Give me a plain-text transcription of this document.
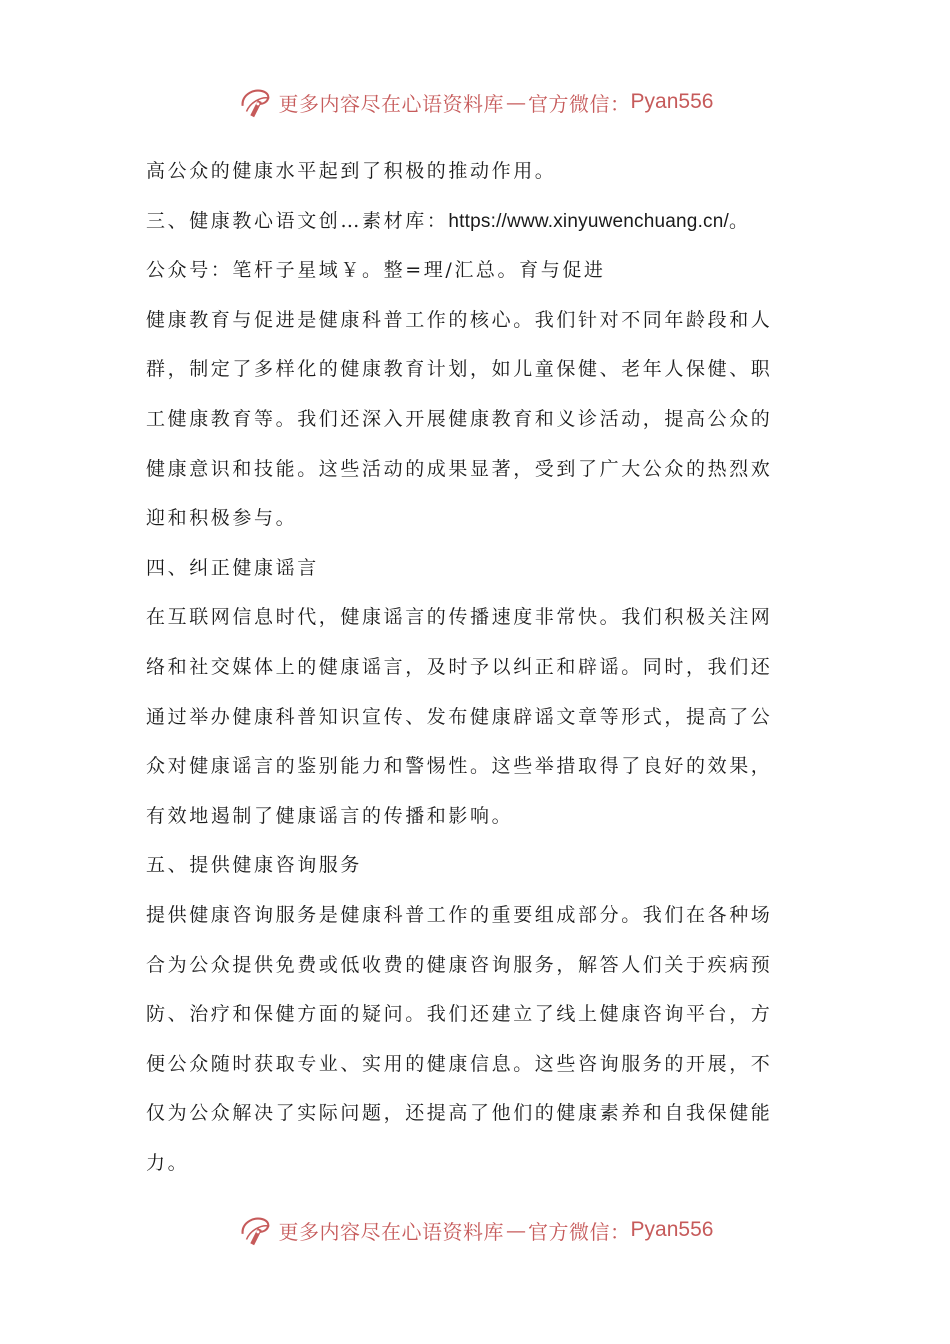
更多内容尽在心语资料库 — 官方微信： Pyan556

高公众的健康水平起到了积极的推动作用。

三、健康教心语文创…素材库：https://www.xinyuwenchuang.cn/。

公众号：笔杆子星域￥。整=理/汇总。育与促进

健康教育与促进是健康科普工作的核心。我们针对不同年龄段和人

群，制定了多样化的健康教育计划，如儿童保健、老年人保健、职

工健康教育等。我们还深入开展健康教育和义诊活动，提高公众的

健康意识和技能。这些活动的成果显著，受到了广大公众的热烈欢

迎和积极参与。

四、纠正健康谣言

在互联网信息时代，健康谣言的传播速度非常快。我们积极关注网

络和社交媒体上的健康谣言，及时予以纠正和辟谣。同时，我们还

通过举办健康科普知识宣传、发布健康辟谣文章等形式，提高了公

众对健康谣言的鉴别能力和警惕性。这些举措取得了良好的效果，

有效地遏制了健康谣言的传播和影响。

五、提供健康咨询服务

提供健康咨询服务是健康科普工作的重要组成部分。我们在各种场

合为公众提供免费或低收费的健康咨询服务，解答人们关于疾病预

防、治疗和保健方面的疑问。我们还建立了线上健康咨询平台，方

便公众随时获取专业、实用的健康信息。这些咨询服务的开展，不

仅为公众解决了实际问题，还提高了他们的健康素养和自我保健能

力。

更多内容尽在心语资料库 — 官方微信： Pyan556
